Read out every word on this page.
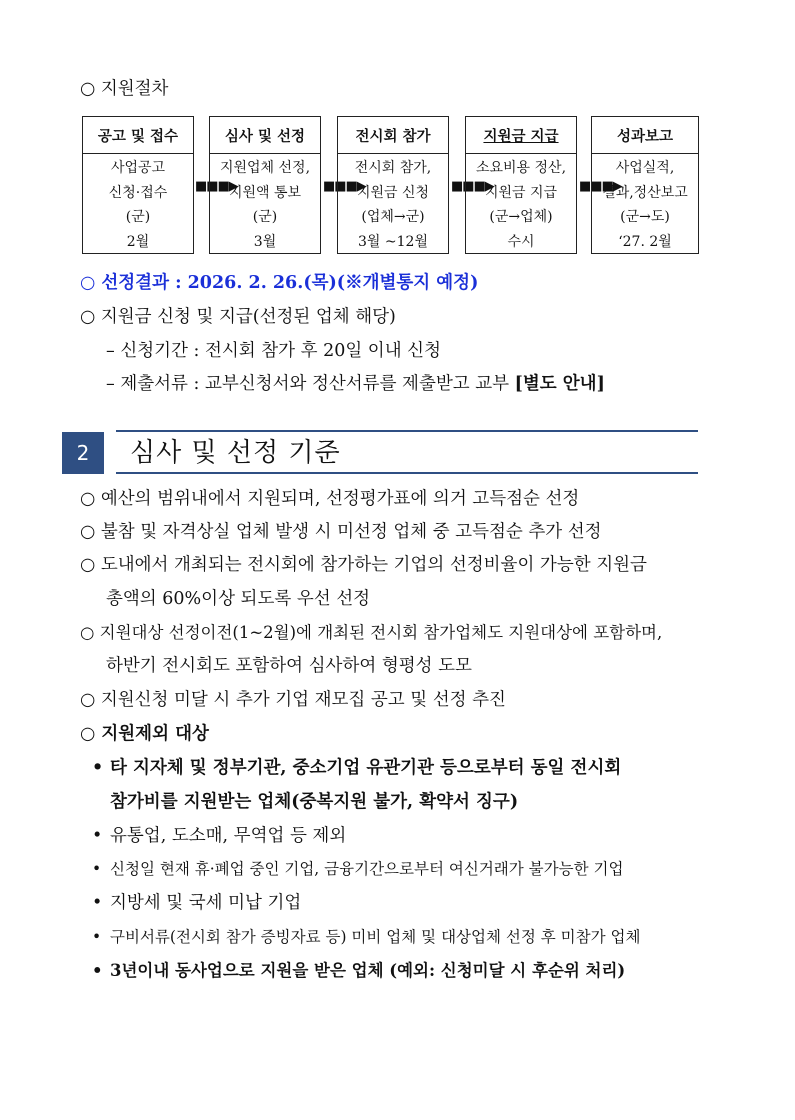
○ 지원절차
공고 및 접수
사업공고
신청·접수
(군)
2월
■■■▶
심사 및 선정
지원업체 선정,
지원액 통보
(군)
3월
■■■▶
전시회 참가
전시회 참가,
지원금 신청
(업체→군)
3월 ~12월
■■■▶
지원금 지급
소요비용 정산,
지원금 지급
(군→업체)
수시
■■■▶
성과보고
사업실적,
결과,정산보고
(군→도)
‘27. 2월
○ 선정결과 : 2026. 2. 26.(목)(※개별통지 예정)
○ 지원금 신청 및 지급(선정된 업체 해당)
– 신청기간 : 전시회 참가 후 20일 이내 신청
– 제출서류 : 교부신청서와 정산서류를 제출받고 교부 [별도 안내]
2	심사 및 선정 기준
○ 예산의 범위내에서 지원되며, 선정평가표에 의거 고득점순 선정
○ 불참 및 자격상실 업체 발생 시 미선정 업체 중 고득점순 추가 선정
○ 도내에서 개최되는 전시회에 참가하는 기업의 선정비율이 가능한 지원금
총액의 60%이상 되도록 우선 선정
○ 지원대상 선정이전(1~2월)에 개최된 전시회 참가업체도 지원대상에 포함하며,
하반기 전시회도 포함하여 심사하여 형평성 도모
○ 지원신청 미달 시 추가 기업 재모집 공고 및 선정 추진
○ 지원제외 대상
• 타 지자체 및 정부기관, 중소기업 유관기관 등으로부터 동일 전시회
참가비를 지원받는 업체(중복지원 불가, 확약서 징구)
• 유통업, 도소매, 무역업 등 제외
• 신청일 현재 휴·폐업 중인 기업, 금융기간으로부터 여신거래가 불가능한 기업
• 지방세 및 국세 미납 기업
• 구비서류(전시회 참가 증빙자료 등) 미비 업체 및 대상업체 선정 후 미참가 업체
• 3년이내 동사업으로 지원을 받은 업체 (예외: 신청미달 시 후순위 처리)
